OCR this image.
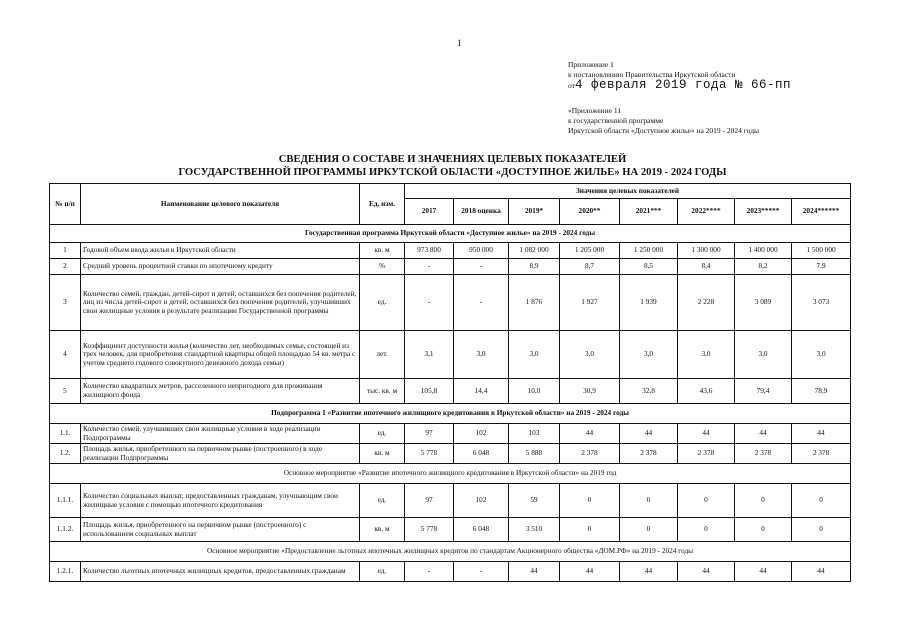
1
Приложение 1
к постановлению Правительства Иркутской области
от4 февраля 2019 года № 66-пп
«Приложение 11
к государственной программе
Иркутской области «Доступное жилье» на 2019 - 2024 годы
СВЕДЕНИЯ О СОСТАВЕ И ЗНАЧЕНИЯХ ЦЕЛЕВЫХ ПОКАЗАТЕЛЕЙ
ГОСУДАРСТВЕННОЙ ПРОГРАММЫ ИРКУТСКОЙ ОБЛАСТИ «ДОСТУПНОЕ ЖИЛЬЕ» НА 2019 - 2024 ГОДЫ
№ п/п	Наименование целевого показателя	Ед. изм.	Значения целевых показателей							
			2017	2018 оценка	2019*	2020**	2021***	2022****	2023*****	2024******
Государственная программа Иркутской области «Доступное жилье» на 2019 - 2024 годы										
1	Годовой объем ввода жилья в Иркутской области	кв. м	973 800	950 000	1 082 000	1 205 000	1 250 000	1 300 000	1 400 000	1 500 000
2	Средний уровень процентной ставки по ипотечному кредиту	%	-	-	8,9	8,7	8,5	8,4	8,2	7,9
3	Количество семей, граждан, детей-сирот и детей, оставшихся без попечения родителей, лиц из числа детей-сирот и детей, оставшихся без попечения родителей, улучшивших свои жилищные условия в результате реализации Государственной программы	ед.	-	-	1 876	1 927	1 939	2 228	3 089	3 073
4	Коэффициент доступности жилья (количество лет, необходимых семье, состоящей из трех человек, для приобретения стандартной квартиры общей площадью 54 кв. метра с учетом среднего годового совокупного денежного дохода семьи)	лет.	3,1	3,0	3,0	3,0	3,0	3,0	3,0	3,0
5	Количество квадратных метров, расселенного непригодного для проживания жилищного фонда	тыс. кв. м	105,8	14,4	10,0	30,9	32,8	43,6	79,4	78,9
Подпрограмма 1 «Развитие ипотечного жилищного кредитования в Иркутской области» на 2019 - 2024 годы										
1.1.	Количество семей, улучшивших свои жилищные условия в ходе реализации Подпрограммы	ед.	97	102	103	44	44	44	44	44
1.2.	Площадь жилья, приобретенного на первичном рынке (построенного) в ходе реализации Подпрограммы	кв. м	5 778	6 048	5 888	2 378	2 378	2 378	2 378	2 378
Основное мероприятие «Развитие ипотечного жилищного кредитования в Иркутской области» на 2019 год										
1.1.1.	Количество социальных выплат, предоставленных гражданам, улучшающим свои жилищные условия с помощью ипотечного кредитования	ед.	97	102	59	0	0	0	0	0
1.1.2.	Площадь жилья, приобретенного на первичном рынке (построенного) с использованием социальных выплат	кв. м	5 778	6 048	3 510	0	0	0	0	0
Основное мероприятие «Предоставление льготных ипотечных жилищных кредитов по стандартам Акционерного общества «ДОМ.РФ» на 2019 - 2024 годы										
1.2.1.	Количество льготных ипотечных жилищных кредитов, предоставленных гражданам	ед.	-	-	44	44	44	44	44	44
